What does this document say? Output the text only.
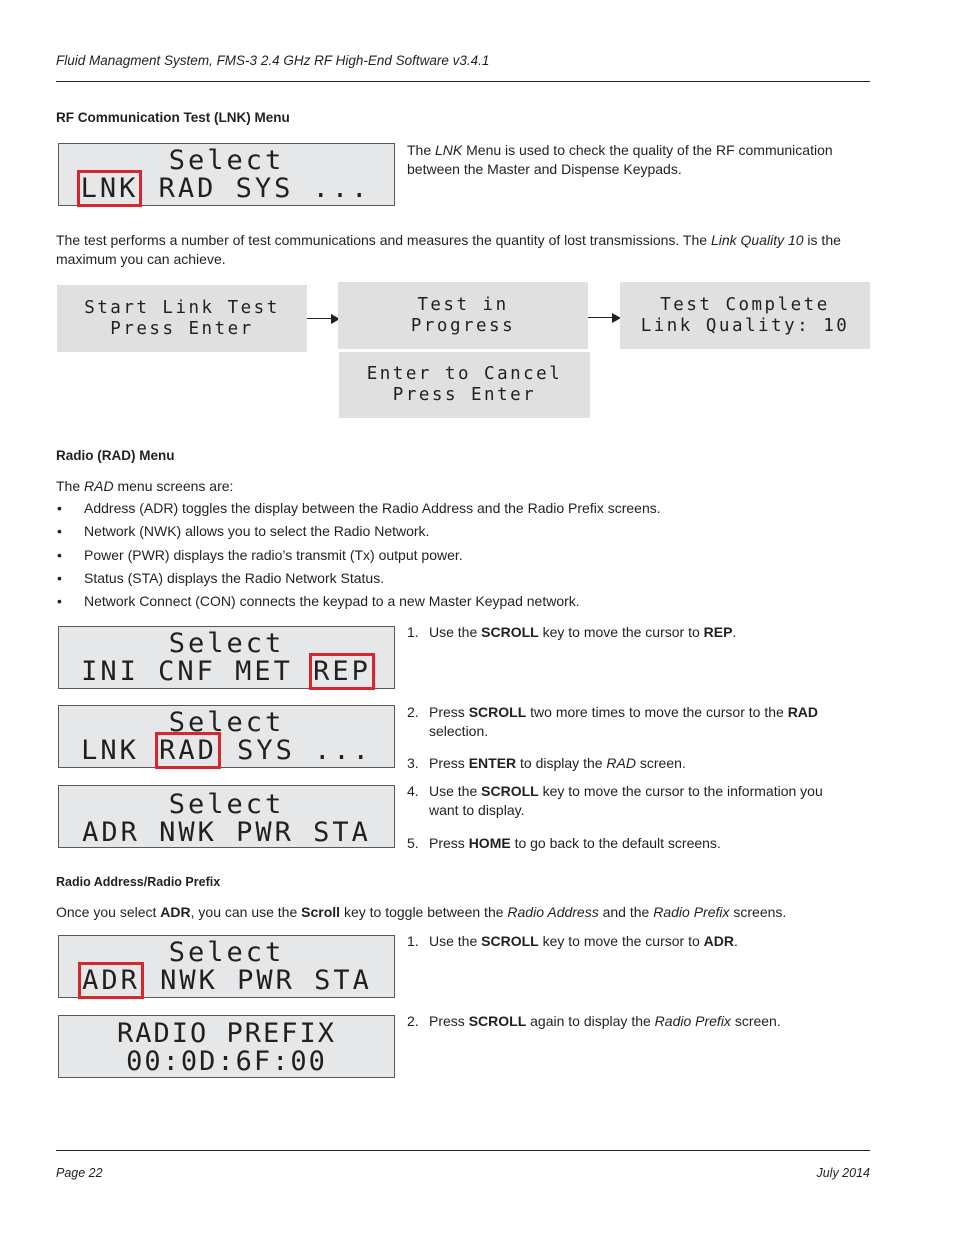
Fluid Managment System, FMS-3 2.4 GHz RF High-End Software v3.4.1
RF Communication Test (LNK) Menu

Select

LNK RAD SYS ...

The LNK Menu is used to check the quality of the RF communication between the Master and Dispense Keypads.
The test performs a number of test communications and measures the quantity of lost transmissions. The Link Quality 10 is the maximum you can achieve.
Start Link Test
Press Enter
Test in
Progress
Test Complete
Link Quality: 10
Enter to Cancel
Press Enter
Radio (RAD) Menu
The RAD menu screens are:
• Address (ADR) toggles the display between the Radio Address and the Radio Prefix screens.
• Network (NWK) allows you to select the Radio Network.
• Power (PWR) displays the radio’s transmit (Tx) output power.
• Status (STA) displays the Radio Network Status.
• Network Connect (CON) connects the keypad to a new Master Keypad network.

Select

INI CNF MET REP

Select

LNK RAD SYS ...

Select

ADR NWK PWR STA

1. Use the SCROLL key to move the cursor to REP.
2. Press SCROLL two more times to move the cursor to the RAD selection.
3. Press ENTER to display the RAD screen.
4. Use the SCROLL key to move the cursor to the information you want to display.
5. Press HOME to go back to the default screens.
Radio Address/Radio Prefix
Once you select ADR, you can use the Scroll key to toggle between the Radio Address and the Radio Prefix screens.

Select

ADR NWK PWR STA

RADIO PREFIX

00:0D:6F:00

1. Use the SCROLL key to move the cursor to ADR.
2. Press SCROLL again to display the Radio Prefix screen.
Page 22	July 2014
